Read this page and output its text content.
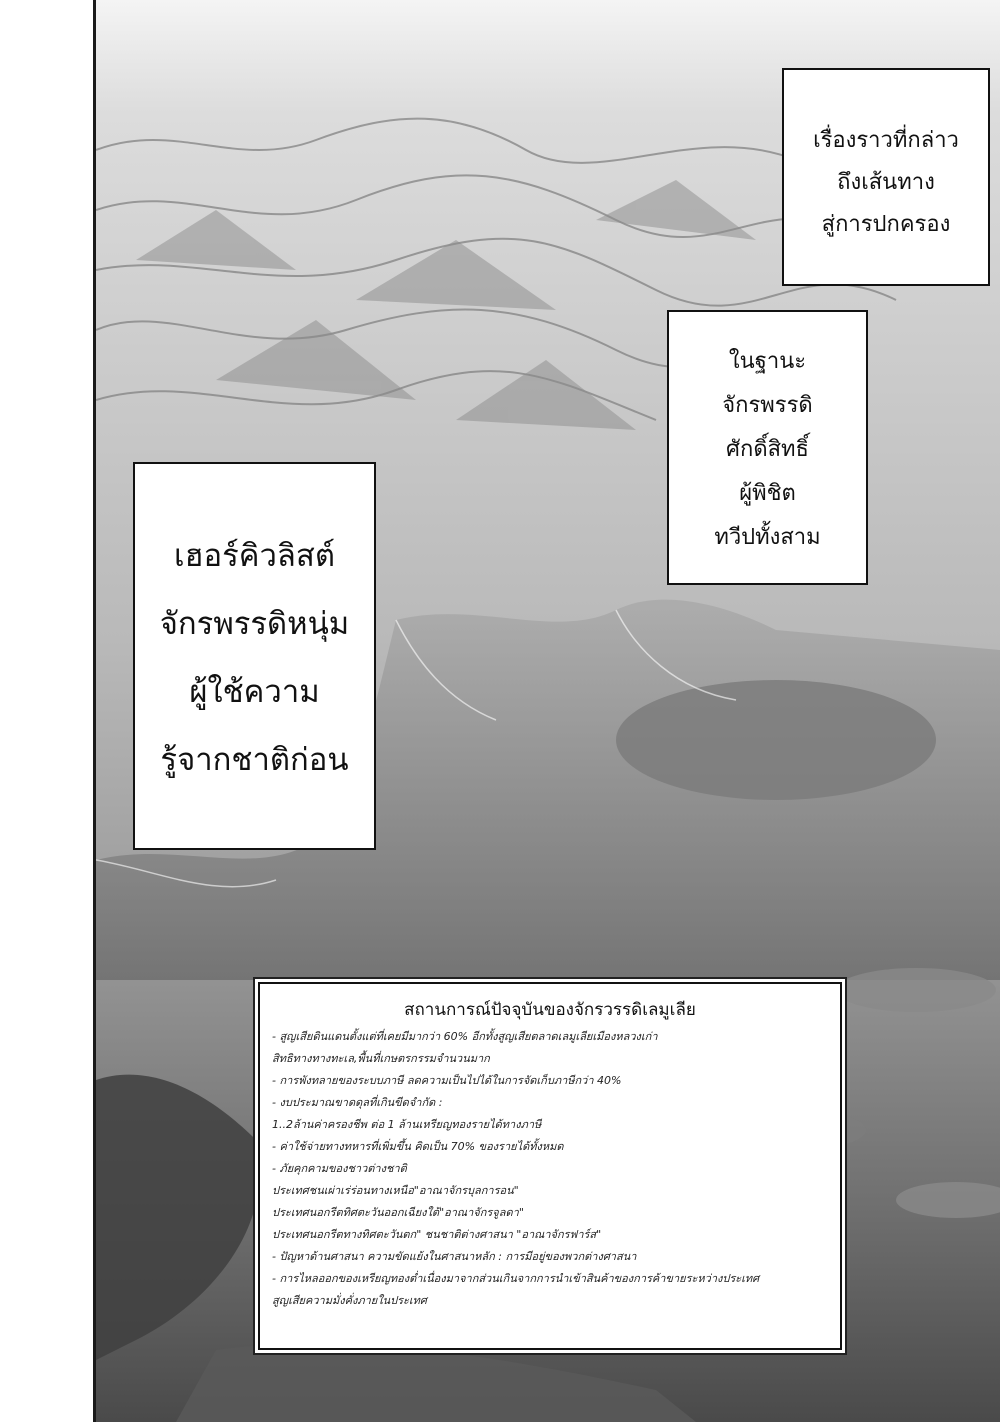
เรื่องราวที่กล่าว
ถึงเส้นทาง
สู่การปกครอง
ในฐานะ
จักรพรรดิ
ศักดิ์สิทธิ์
ผู้พิชิต
ทวีปทั้งสาม
เฮอร์คิวลิสต์
จักรพรรดิหนุ่ม
ผู้ใช้ความ
รู้จากชาติก่อน
สถานการณ์ปัจจุบันของจักรวรรดิเลมูเลีย
- สูญเสียดินแดนตั้งแต่ที่เคยมีมากว่า 60% อีกทั้งสูญเสียตลาดเลมูเลียเมืองหลวงเก่า
สิทธิทางทางทะเล,พื้นที่เกษตรกรรมจำนวนมาก
- การพังทลายของระบบภาษี ลดความเป็นไปได้ในการจัดเก็บภาษีกว่า 40%
- งบประมาณขาดดุลที่เกินขีดจำกัด :
1..2ล้านค่าครองชีพ ต่อ 1 ล้านเหรียญทองรายได้ทางภาษี
- ค่าใช้จ่ายทางทหารที่เพิ่มขึ้น คิดเป็น 70% ของรายได้ทั้งหมด
- ภัยคุกคามของชาวต่างชาติ
ประเทศชนเผ่าเร่ร่อนทางเหนือ"อาณาจักรบุลการอน"
ประเทศนอกรีตทิศตะวันออกเฉียงใต้"อาณาจักรจูลดา"
ประเทศนอกรีตทางทิศตะวันตก" ชนชาติต่างศาสนา "อาณาจักรฟาร์ส"
- ปัญหาด้านศาสนา ความขัดแย้งในศาสนาหลัก : การมีอยู่ของพวกต่างศาสนา
- การไหลออกของเหรียญทองต่ำเนื่องมาจากส่วนเกินจากการนำเข้าสินค้าของการค้าขายระหว่างประเทศ
สูญเสียความมั่งคั่งภายในประเทศ
